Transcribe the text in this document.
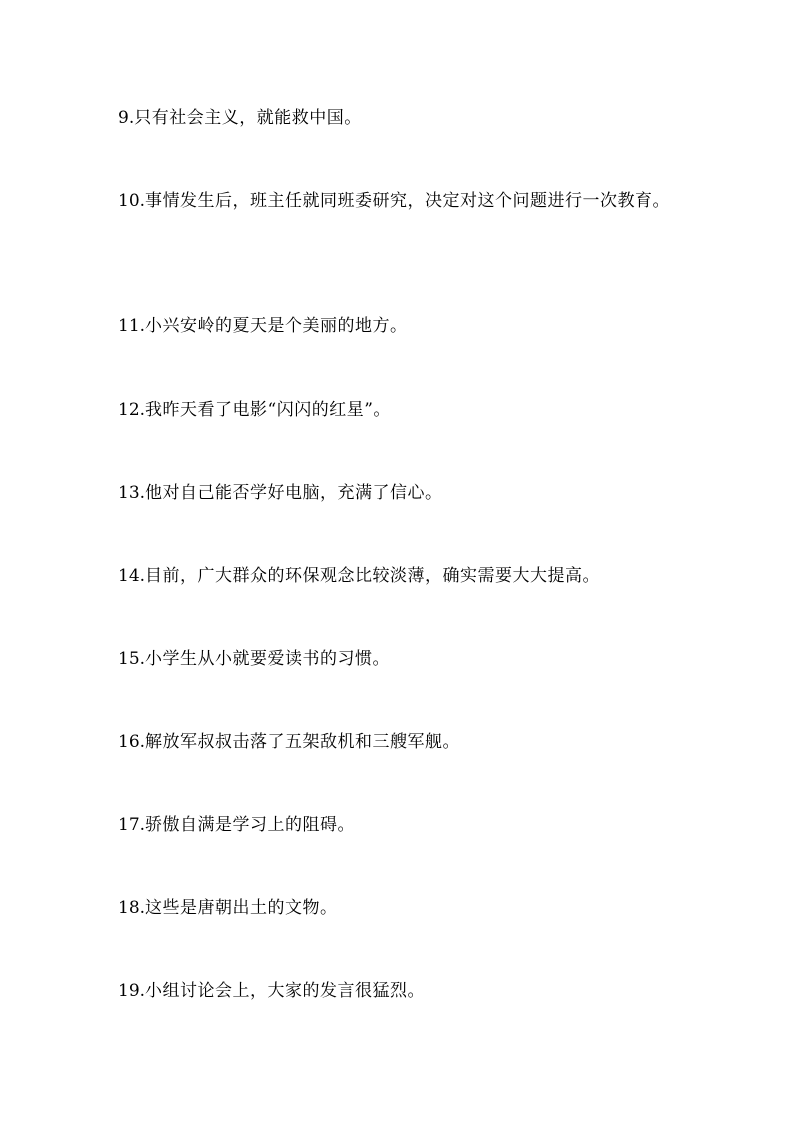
9.只有社会主义，就能救中国。

10.事情发生后，班主任就同班委研究，决定对这个问题进行一次教育。

11.小兴安岭的夏天是个美丽的地方。

12.我昨天看了电影“闪闪的红星”。

13.他对自己能否学好电脑，充满了信心。

14.目前，广大群众的环保观念比较淡薄，确实需要大大提高。

15.小学生从小就要爱读书的习惯。

16.解放军叔叔击落了五架敌机和三艘军舰。

17.骄傲自满是学习上的阻碍。

18.这些是唐朝出土的文物。

19.小组讨论会上，大家的发言很猛烈。
